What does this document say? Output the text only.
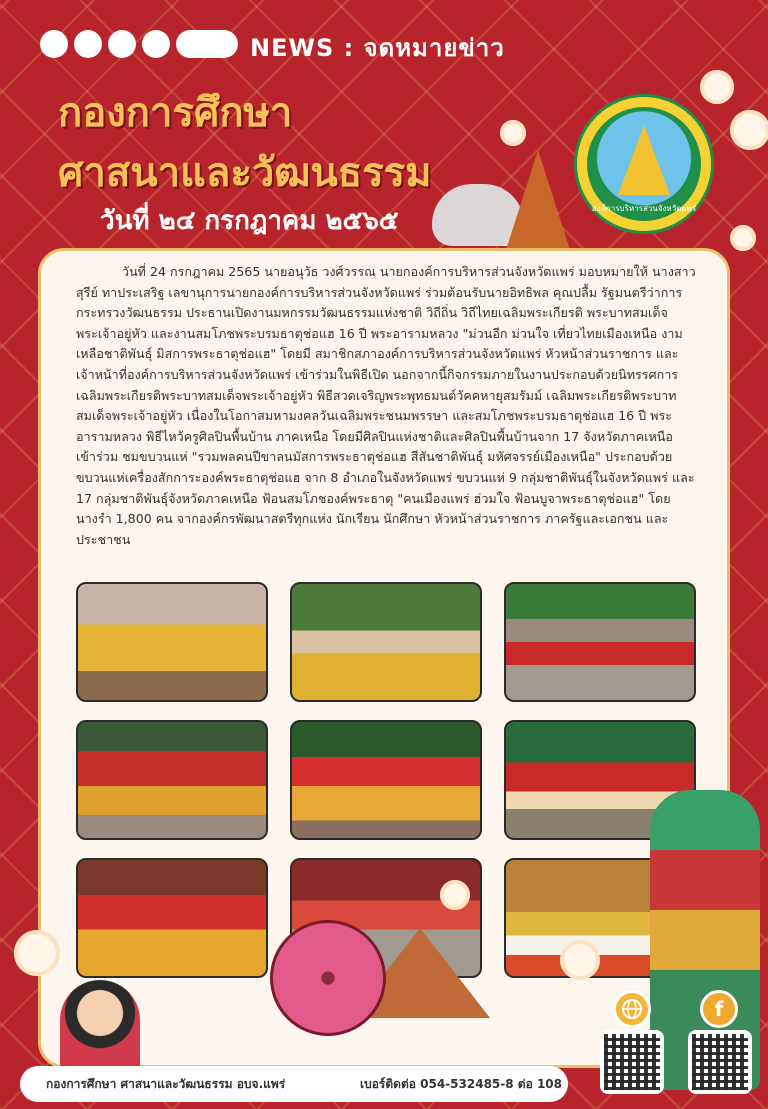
NEWS : จดหมายข่าว
กองการศึกษา
ศาสนาและวัฒนธรรม
วันที่ ๒๔ กรกฎาคม ๒๕๖๕	องค์การบริหารส่วนจังหวัดแพร่

วันที่ 24 กรกฎาคม 2565 นายอนุวัธ วงศ์วรรณ นายกองค์การบริหารส่วนจังหวัดแพร่ มอบหมายให้ นางสาวสุรีย์ ทาประเสริฐ เลขานุการนายกองค์การบริหารส่วนจังหวัดแพร่ ร่วมต้อนรับนายอิทธิพล คุณปลื้ม รัฐมนตรีว่าการกระทรวงวัฒนธรรม ประธานเปิดงานมหกรรมวัฒนธรรมแห่งชาติ วิถีถิ่น วิถีไทยเฉลิมพระเกียรติ พระบาทสมเด็จพระเจ้าอยู่หัว และงานสมโภชพระบรมธาตุช่อแฮ 16 ปี พระอารามหลวง "ม่วนอีก ม่วนใจ เที่ยวไทยเมืองเหนือ งามเหลือชาติพันธุ์ มิสการพระธาตุช่อแฮ" โดยมี สมาชิกสภาองค์การบริหารส่วนจังหวัดแพร่ หัวหน้าส่วนราชการ และเจ้าหน้าที่องค์การบริหารส่วนจังหวัดแพร่ เข้าร่วมในพิธีเปิด นอกจากนี้กิจกรรมภายในงานประกอบด้วยนิทรรศการเฉลิมพระเกียรติพระบาทสมเด็จพระเจ้าอยู่หัว พิธีสวดเจริญพระพุทธมนต์วัคคหายุสมรัมม์ เฉลิมพระเกียรติพระบาทสมเด็จพระเจ้าอยู่หัว เนื่องในโอกาสมหามงคลวันเฉลิมพระชนมพรรษา และสมโภชพระบรมธาตุช่อแฮ 16 ปี พระอารามหลวง พิธีไหว้ครูศิลปินพื้นบ้าน ภาคเหนือ โดยมีศิลปินแห่งชาติและศิลปินพื้นบ้านจาก 17 จังหวัดภาคเหนือ เข้าร่วม ชมขบวนแห่ "รวมพลคนปีขาลนมัสการพระธาตุช่อแฮ สีสันชาติพันธุ์ มหัศจรรย์เมืองเหนือ" ประกอบด้วย ขบวนแห่เครื่องสักการะองค์พระธาตุช่อแฮ จาก 8 อำเภอในจังหวัดแพร่ ขบวนแห่ 9 กลุ่มชาติพันธุ์ในจังหวัดแพร่ และ 17 กลุ่มชาติพันธุ์จังหวัดภาคเหนือ ฟ้อนสมโภชองค์พระธาตุ "คนเมืองแพร่ ฮ่วมใจ ฟ้อนบูจาพระธาตุช่อแฮ" โดยนางรำ 1,800 คน จากองค์กรพัฒนาสตรีทุกแห่ง นักเรียน นักศึกษา หัวหน้าส่วนราชการ ภาครัฐและเอกชน และประชาชน

กองการศึกษา ศาสนาและวัฒนธรรม อบจ.แพร่	เบอร์ติดต่อ 054-532485-8 ต่อ 108
f
